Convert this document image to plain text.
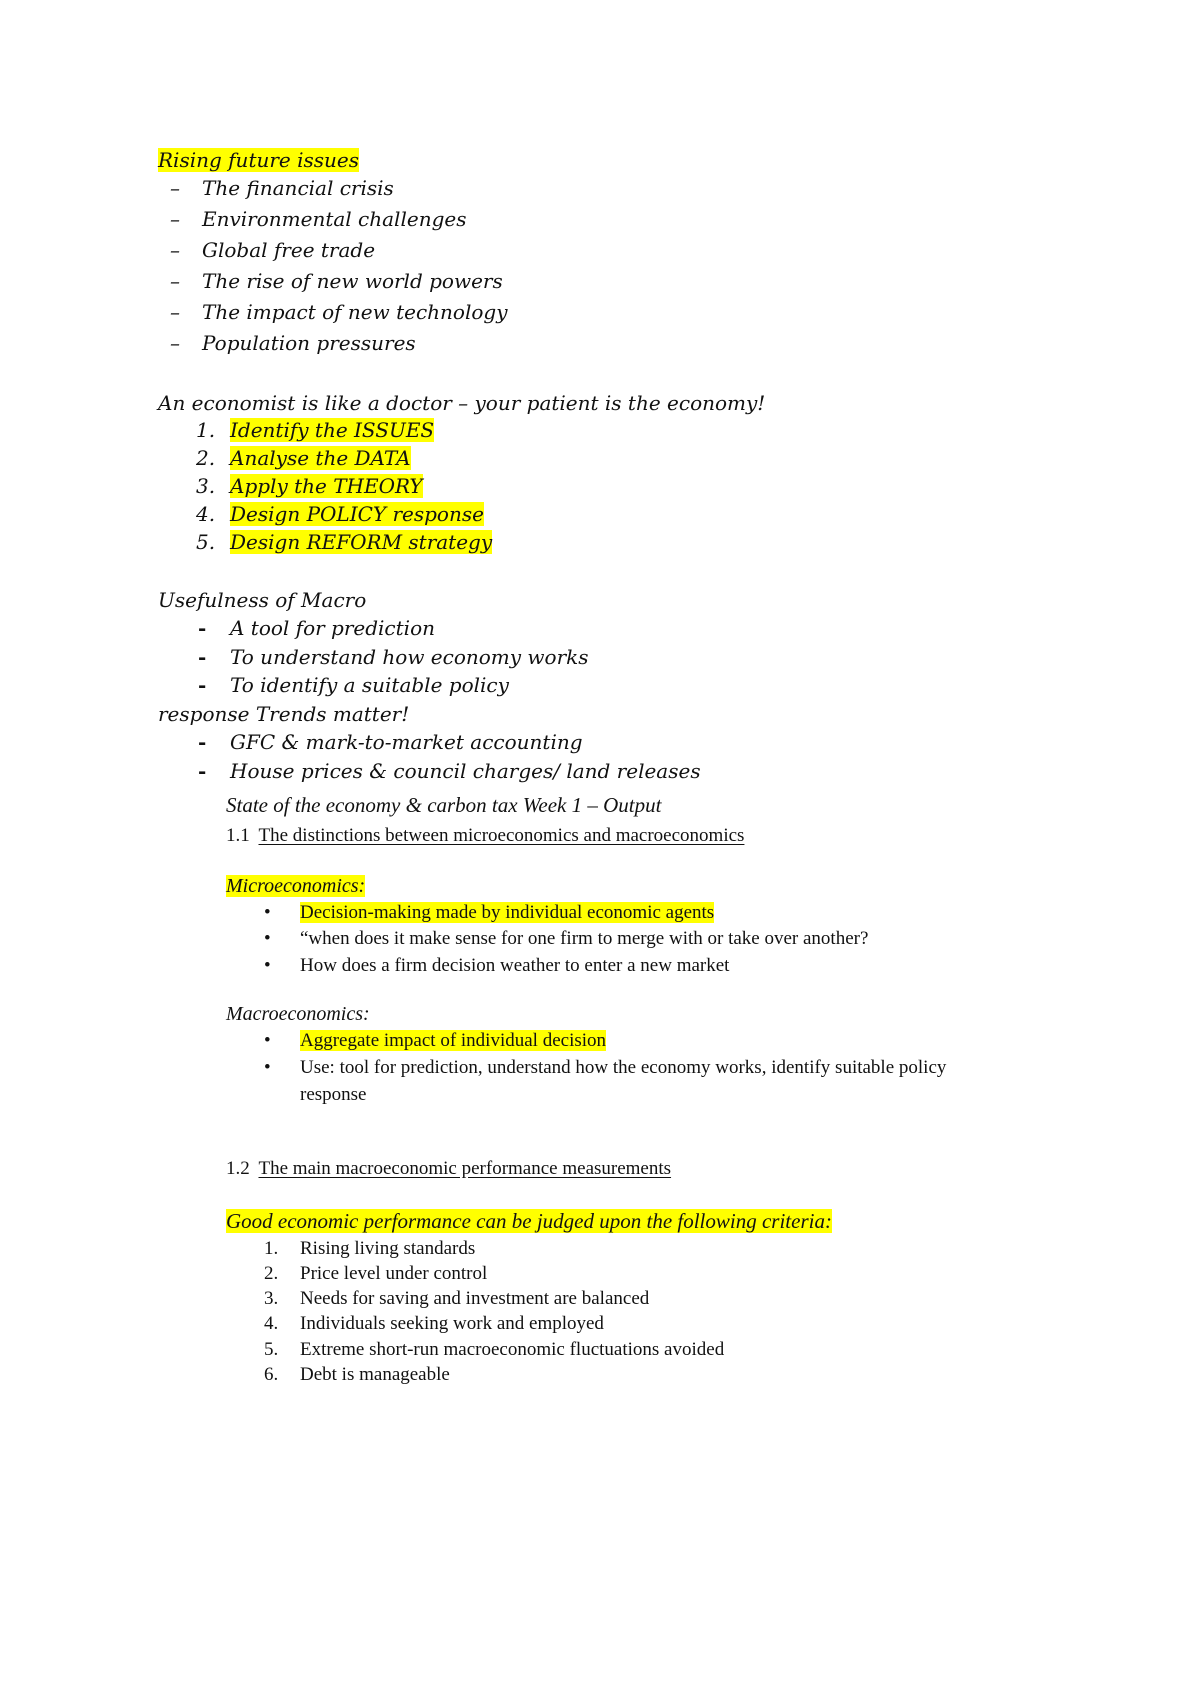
Rising future issues
– The financial crisis
– Environmental challenges
– Global free trade
– The rise of new world powers
– The impact of new technology
– Population pressures
An economist is like a doctor – your patient is the economy!
1. Identify the ISSUES
2. Analyse the DATA
3. Apply the THEORY
4. Design POLICY response
5. Design REFORM strategy
Usefulness of Macro
- A tool for prediction
- To understand how economy works
- To identify a suitable policy
response Trends matter!
- GFC & mark-to-market accounting
- House prices & council charges/ land releases
State of the economy & carbon tax Week 1 – Output
1.1 The distinctions between microeconomics and macroeconomics
Microeconomics:
• Decision-making made by individual economic agents
• “when does it make sense for one firm to merge with or take over another?
• How does a firm decision weather to enter a new market
Macroeconomics:
• Aggregate impact of individual decision
• Use: tool for prediction, understand how the economy works, identify suitable policy
response
1.2 The main macroeconomic performance measurements
Good economic performance can be judged upon the following criteria:
1. Rising living standards
2. Price level under control
3. Needs for saving and investment are balanced
4. Individuals seeking work and employed
5. Extreme short-run macroeconomic fluctuations avoided
6. Debt is manageable
